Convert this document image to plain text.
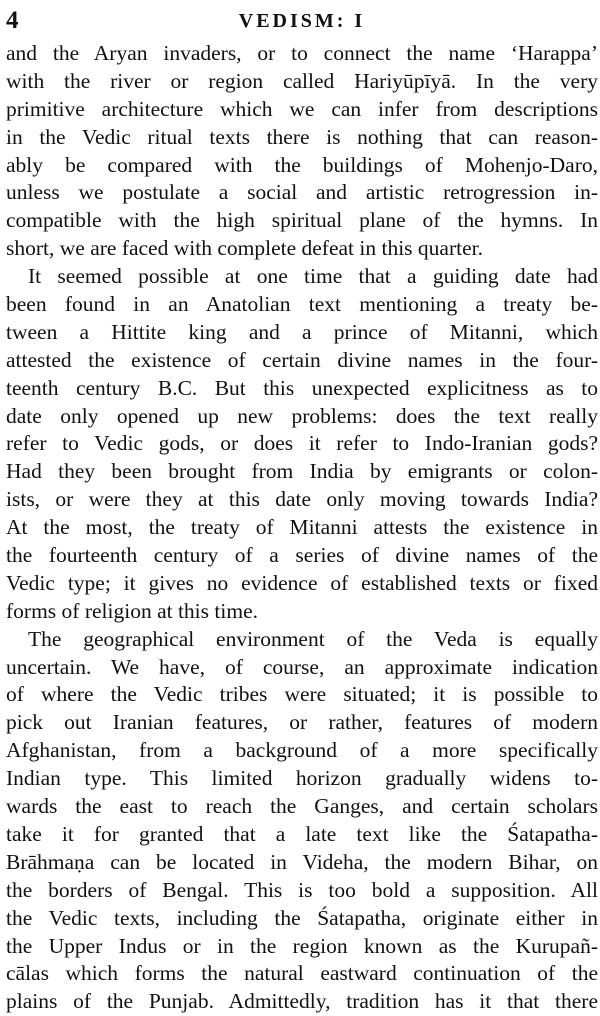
4	VEDISM: I
and the Aryan invaders, or to connect the name ‘Harappa’
with the river or region called Hariyūpīyā. In the very
primitive architecture which we can infer from descriptions
in the Vedic ritual texts there is nothing that can reason-
ably be compared with the buildings of Mohenjo-Daro,
unless we postulate a social and artistic retrogression in-
compatible with the high spiritual plane of the hymns. In
short, we are faced with complete defeat in this quarter.
It seemed possible at one time that a guiding date had
been found in an Anatolian text mentioning a treaty be-
tween a Hittite king and a prince of Mitanni, which
attested the existence of certain divine names in the four-
teenth century B.C. But this unexpected explicitness as to
date only opened up new problems: does the text really
refer to Vedic gods, or does it refer to Indo-Iranian gods?
Had they been brought from India by emigrants or colon-
ists, or were they at this date only moving towards India?
At the most, the treaty of Mitanni attests the existence in
the fourteenth century of a series of divine names of the
Vedic type; it gives no evidence of established texts or fixed
forms of religion at this time.
The geographical environment of the Veda is equally
uncertain. We have, of course, an approximate indication
of where the Vedic tribes were situated; it is possible to
pick out Iranian features, or rather, features of modern
Afghanistan, from a background of a more specifically
Indian type. This limited horizon gradually widens to-
wards the east to reach the Ganges, and certain scholars
take it for granted that a late text like the Śatapatha-
Brāhmaṇa can be located in Videha, the modern Bihar, on
the borders of Bengal. This is too bold a supposition. All
the Vedic texts, including the Śatapatha, originate either in
the Upper Indus or in the region known as the Kurupañ-
cālas which forms the natural eastward continuation of the
plains of the Punjab. Admittedly, tradition has it that there
